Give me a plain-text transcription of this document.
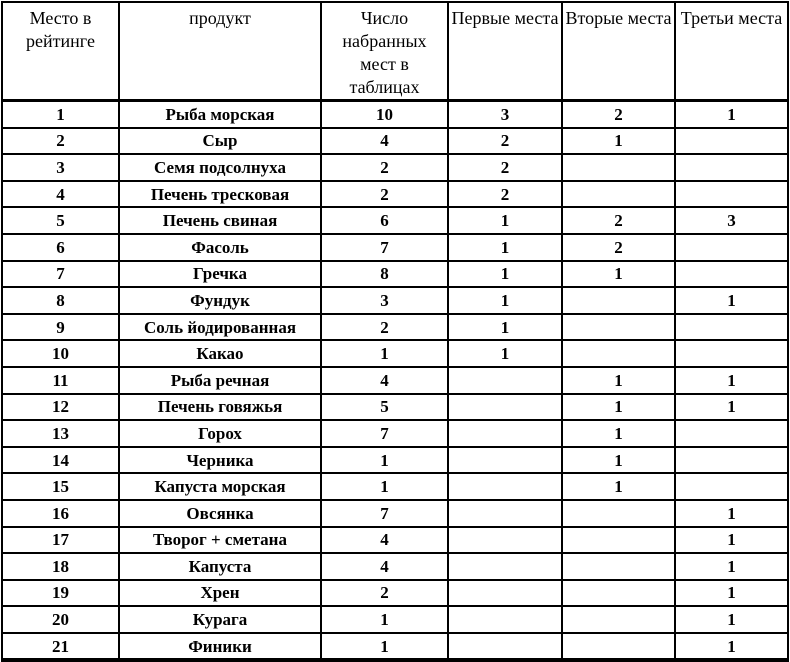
Место в рейтинге	продукт	Число набранных мест в таблицах	Первые места	Вторые места	Третьи места
1	Рыба морская	10	3	2	1
2	Сыр	4	2	1	
3	Семя подсолнуха	2	2		
4	Печень тресковая	2	2		
5	Печень свиная	6	1	2	3
6	Фасоль	7	1	2	
7	Гречка	8	1	1	
8	Фундук	3	1		1
9	Соль йодированная	2	1		
10	Какао	1	1		
11	Рыба речная	4		1	1
12	Печень говяжья	5		1	1
13	Горох	7		1	
14	Черника	1		1	
15	Капуста морская	1		1	
16	Овсянка	7			1
17	Творог + сметана	4			1
18	Капуста	4			1
19	Хрен	2			1
20	Курага	1			1
21	Финики	1			1
